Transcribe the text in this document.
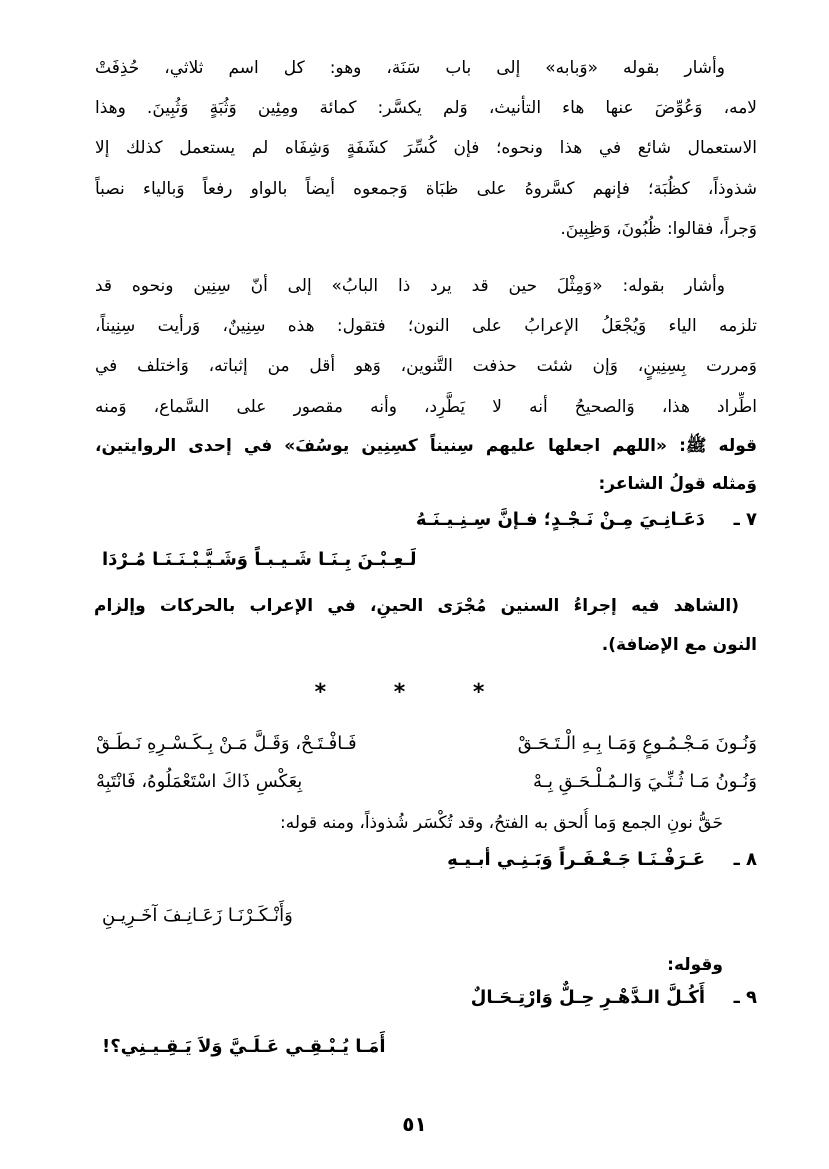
وأشار بقوله «وَبابه» إلى باب سَنَة، وهو: كل اسم ثلاثي، حُذِفَتْ
لامه، وَعُوِّضَ عنها هاء التأنيث، وَلم يكسَّر: كمائة ومِئِين وَثُبَةٍ وَثُبِينَ. وهذا
الاستعمال شائع في هذا ونحوه؛ فإن كُسِّرَ كشَفَةٍ وَشِفَاه لم يستعمل كذلك إلا
شذوذاً، كظُبَة؛ فإنهم كسَّروهُ على ظبَاة وَجمعوه أيضاً بالواو رفعاً وَبالياء نصباً
وَجراً، فقالوا: ظُبُونَ، وَظِبِينَ.
وأشار بقوله: «وَمِثْلَ حين قد يرد ذا البابُ» إلى أنّ سِنِين ونحوه قد
تلزمه الياء وَيُجْعَلُ الإعرابُ على النون؛ فتقول: هذه سِنِينٌ، وَرأيت سِنِيناً،
وَمررت بِسِنِينٍ، وَإن شئت حذفت التَّنوين، وَهو أقل من إثباته، وَاختلف في
اطِّراد هذا، وَالصحيحُ أنه لا يَطَّرِد، وأنه مقصور على السَّماع، وَمنه
قوله ﷺ: «اللهم اجعلها عليهم سِنيناً كسِنِين يوسُفَ» في إحدى الروايتين،
وَمثله قولُ الشاعر:
٧ ـ
دَعَـانِـيَ مِـنْ نَـجْـدٍ؛ فـإنَّ سِـنِـيـنَـهُ
لَـعِـبْـنَ بِـنَـا شَـيـبـاً وَشَـيَّـبْـنَـنَـا مُـرْدَا
(الشاهد فيه إجراءُ السنين مُجْرَى الحينِ، في الإعراب بالحركات وإلزام
النون مع الإضافة).
* * *
وَنُـونَ مَـجْـمُـوعٍ وَمَـا بِـهِ الْـتَـحَـقْ
فَـافْـتَـحْ، وَقَـلَّ مَـنْ بِـكَـسْـرِهِ نَـطَـقْ
وَنُـونُ مَـا ثُـنِّـيَ وَالـمُـلْـحَـقِ بِـهْ
بِعَكْسِ ذَاكَ اسْتَعْمَلُوهُ، فَانْتَبِهْ
حَقُّ نونِ الجمع وَما أُلحق به الفتحُ، وقد تُكْسَر شُذوذاً، ومنه قوله:
٨ ـ
عَـرَفْـنَـا جَـعْـفَـراً وَبَـنِـي أبـيـهِ
وَأَنْـكَـرْنَـا زَعَـانِـفَ آخَـرِيـنِ
وقوله:
٩ ـ
أَكُـلَّ الـدَّهْـرِ حِـلٌّ وَارْتِـحَـالٌ
أَمَـا يُـبْـقِـي عَـلَـيَّ وَلاَ يَـقِـيـنِي؟!
٥١
